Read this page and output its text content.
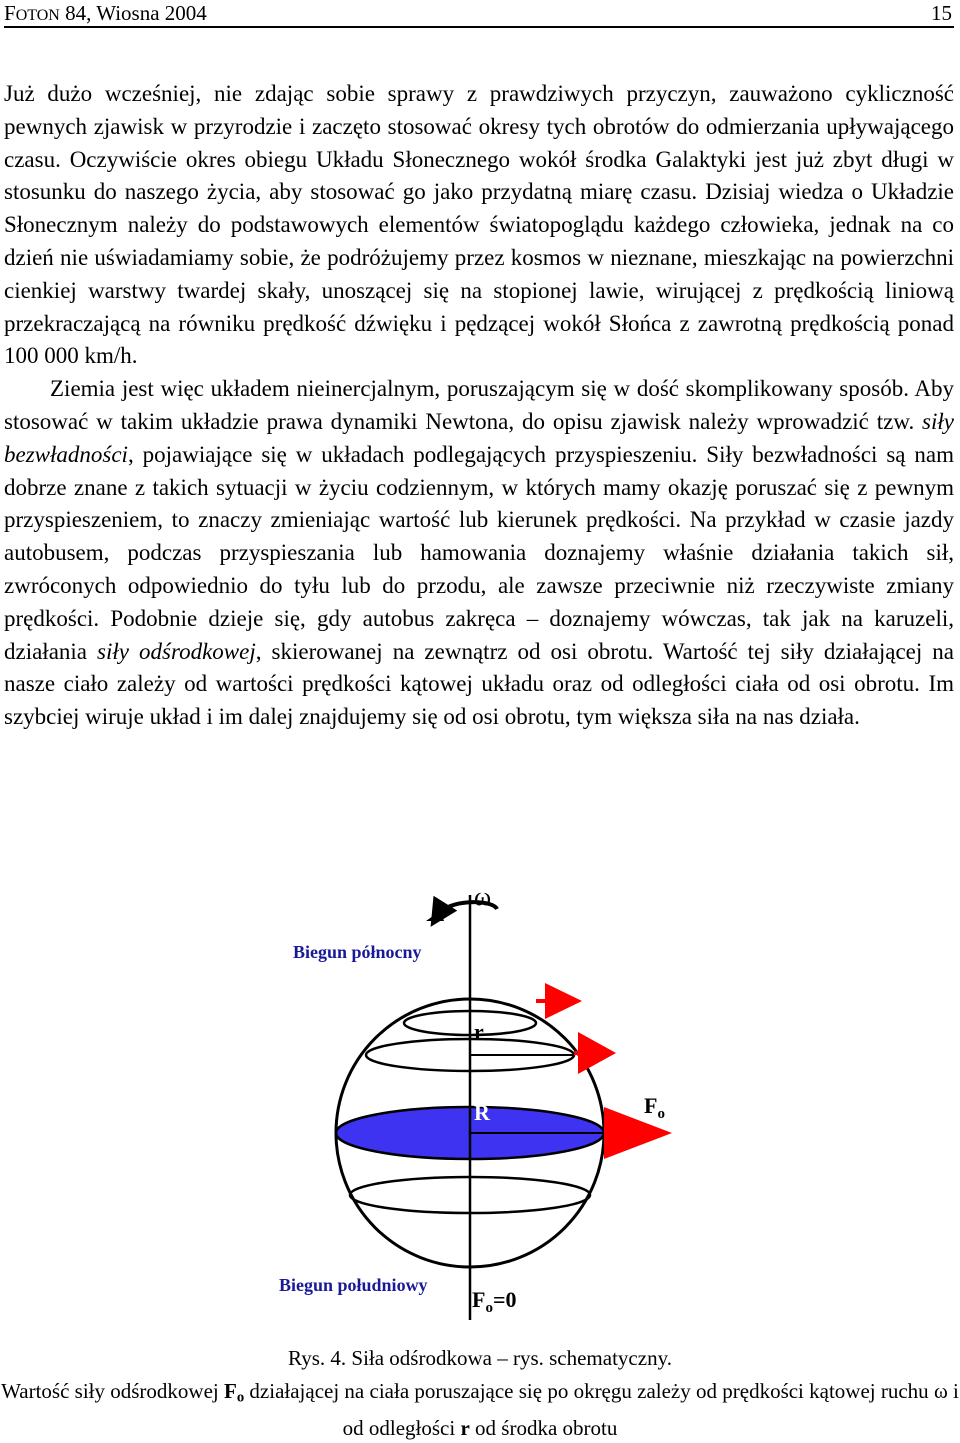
FOTON 84, Wiosna 2004	15

Już dużo wcześniej, nie zdając sobie sprawy z prawdziwych przyczyn, zauważono cykliczność pewnych zjawisk w przyrodzie i zaczęto stosować okresy tych obrotów do odmierzania upływającego czasu. Oczywiście okres obiegu Układu Słonecznego wokół środka Galaktyki jest już zbyt długi w stosunku do naszego życia, aby stosować go jako przydatną miarę czasu. Dzisiaj wiedza o Układzie Słonecznym należy do podstawowych elementów światopoglądu każdego człowieka, jednak na co dzień nie uświadamiamy sobie, że podróżujemy przez kosmos w nieznane, mieszkając na powierzchni cienkiej warstwy twardej skały, unoszącej się na stopionej lawie, wirującej z prędkością liniową przekraczającą na równiku prędkość dźwięku i pędzącej wokół Słońca z zawrotną prędkością ponad 100 000 km/h.

Ziemia jest więc układem nieinercjalnym, poruszającym się w dość skomplikowany sposób. Aby stosować w takim układzie prawa dynamiki Newtona, do opisu zjawisk należy wprowadzić tzw. siły bezwładności, pojawiające się w układach podlegających przyspieszeniu. Siły bezwładności są nam dobrze znane z takich sytuacji w życiu codziennym, w których mamy okazję poruszać się z pewnym przyspieszeniem, to znaczy zmieniając wartość lub kierunek prędkości. Na przykład w czasie jazdy autobusem, podczas przyspieszania lub hamowania doznajemy właśnie działania takich sił, zwróconych odpowiednio do tyłu lub do przodu, ale zawsze przeciwnie niż rzeczywiste zmiany prędkości. Podobnie dzieje się, gdy autobus zakręca – doznajemy wówczas, tak jak na karuzeli, działania siły odśrodkowej, skierowanej na zewnątrz od osi obrotu. Wartość tej siły działającej na nasze ciało zależy od wartości prędkości kątowej układu oraz od odległości ciała od osi obrotu. Im szybciej wiruje układ i im dalej znajdujemy się od osi obrotu, tym większa siła na nas działa.

ω
Biegun północny
Biegun południowy
r
R	$F_o$
$F_o=0$
Rys. 4. Siła odśrodkowa – rys. schematyczny.
Wartość siły odśrodkowej $F_o$ działającej na ciała poruszające się po okręgu zależy od prędkości kątowej ruchu ω i od odległości r od środka obrotu
